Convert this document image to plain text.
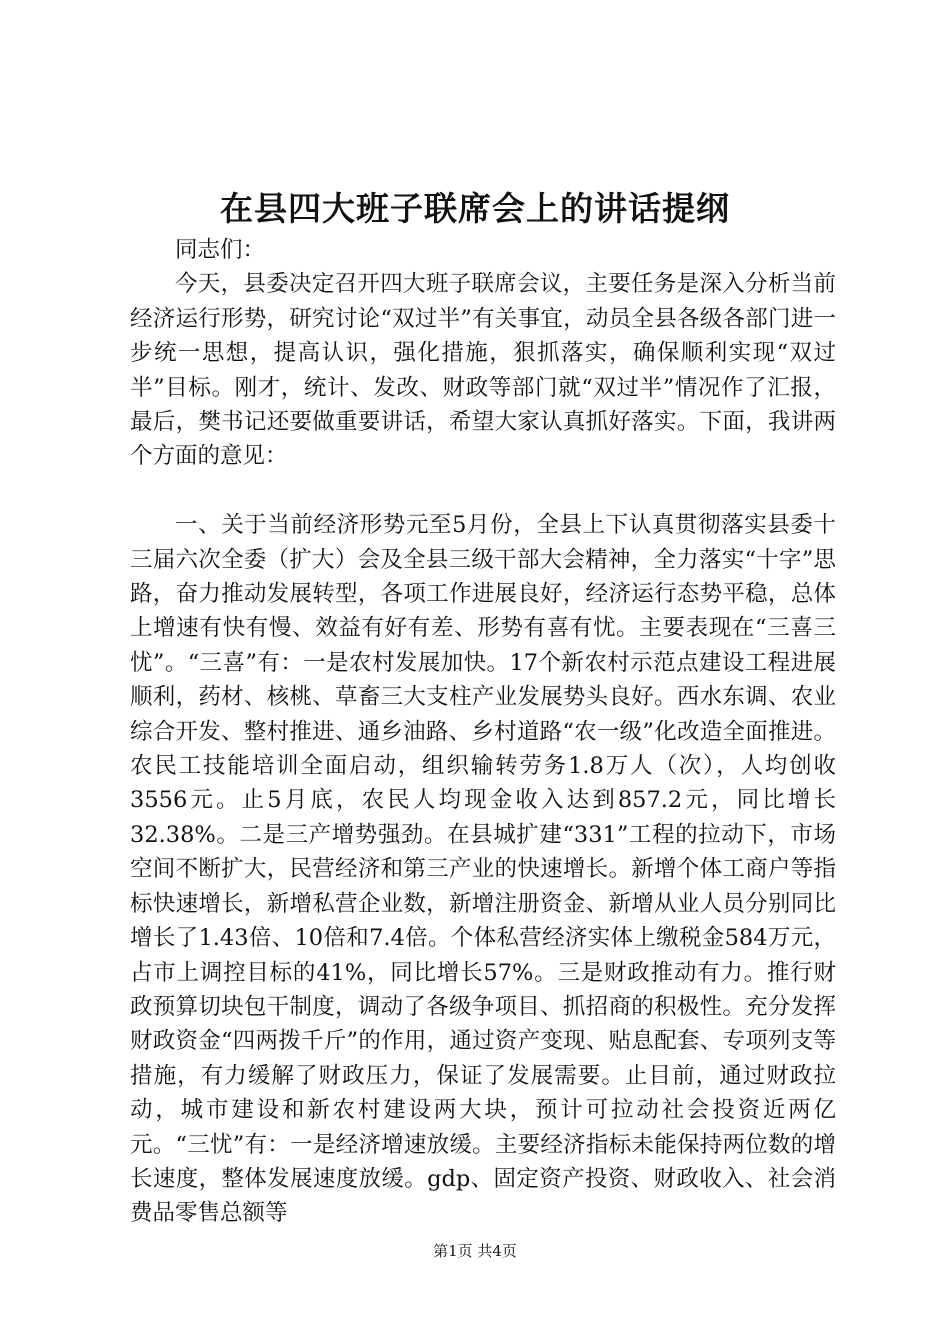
在县四大班子联席会上的讲话提纲

同志们：

今天，县委决定召开四大班子联席会议，主要任务是深入分析当前经济运行形势，研究讨论“双过半”有关事宜，动员全县各级各部门进一步统一思想，提高认识，强化措施，狠抓落实，确保顺利实现“双过半”目标。刚才，统计、发改、财政等部门就“双过半”情况作了汇报，最后，樊书记还要做重要讲话，希望大家认真抓好落实。下面，我讲两个方面的意见：

一、关于当前经济形势元至5月份，全县上下认真贯彻落实县委十三届六次全委（扩大）会及全县三级干部大会精神，全力落实“十字”思路，奋力推动发展转型，各项工作进展良好，经济运行态势平稳，总体上增速有快有慢、效益有好有差、形势有喜有忧。主要表现在“三喜三忧”。“三喜”有：一是农村发展加快。17个新农村示范点建设工程进展顺利，药材、核桃、草畜三大支柱产业发展势头良好。西水东调、农业综合开发、整村推进、通乡油路、乡村道路“农一级”化改造全面推进。农民工技能培训全面启动，组织输转劳务1.8万人（次），人均创收3556元。止5月底，农民人均现金收入达到857.2元，同比增长32.38%。二是三产增势强劲。在县城扩建“331”工程的拉动下，市场空间不断扩大，民营经济和第三产业的快速增长。新增个体工商户等指标快速增长，新增私营企业数，新增注册资金、新增从业人员分别同比增长了1.43倍、10倍和7.4倍。个体私营经济实体上缴税金584万元，占市上调控目标的41%，同比增长57%。三是财政推动有力。推行财政预算切块包干制度，调动了各级争项目、抓招商的积极性。充分发挥财政资金“四两拨千斤”的作用，通过资产变现、贴息配套、专项列支等措施，有力缓解了财政压力，保证了发展需要。止目前，通过财政拉动，城市建设和新农村建设两大块，预计可拉动社会投资近两亿元。“三忧”有：一是经济增速放缓。主要经济指标未能保持两位数的增长速度，整体发展速度放缓。gdp、固定资产投资、财政收入、社会消费品零售总额等

第1页 共4页
